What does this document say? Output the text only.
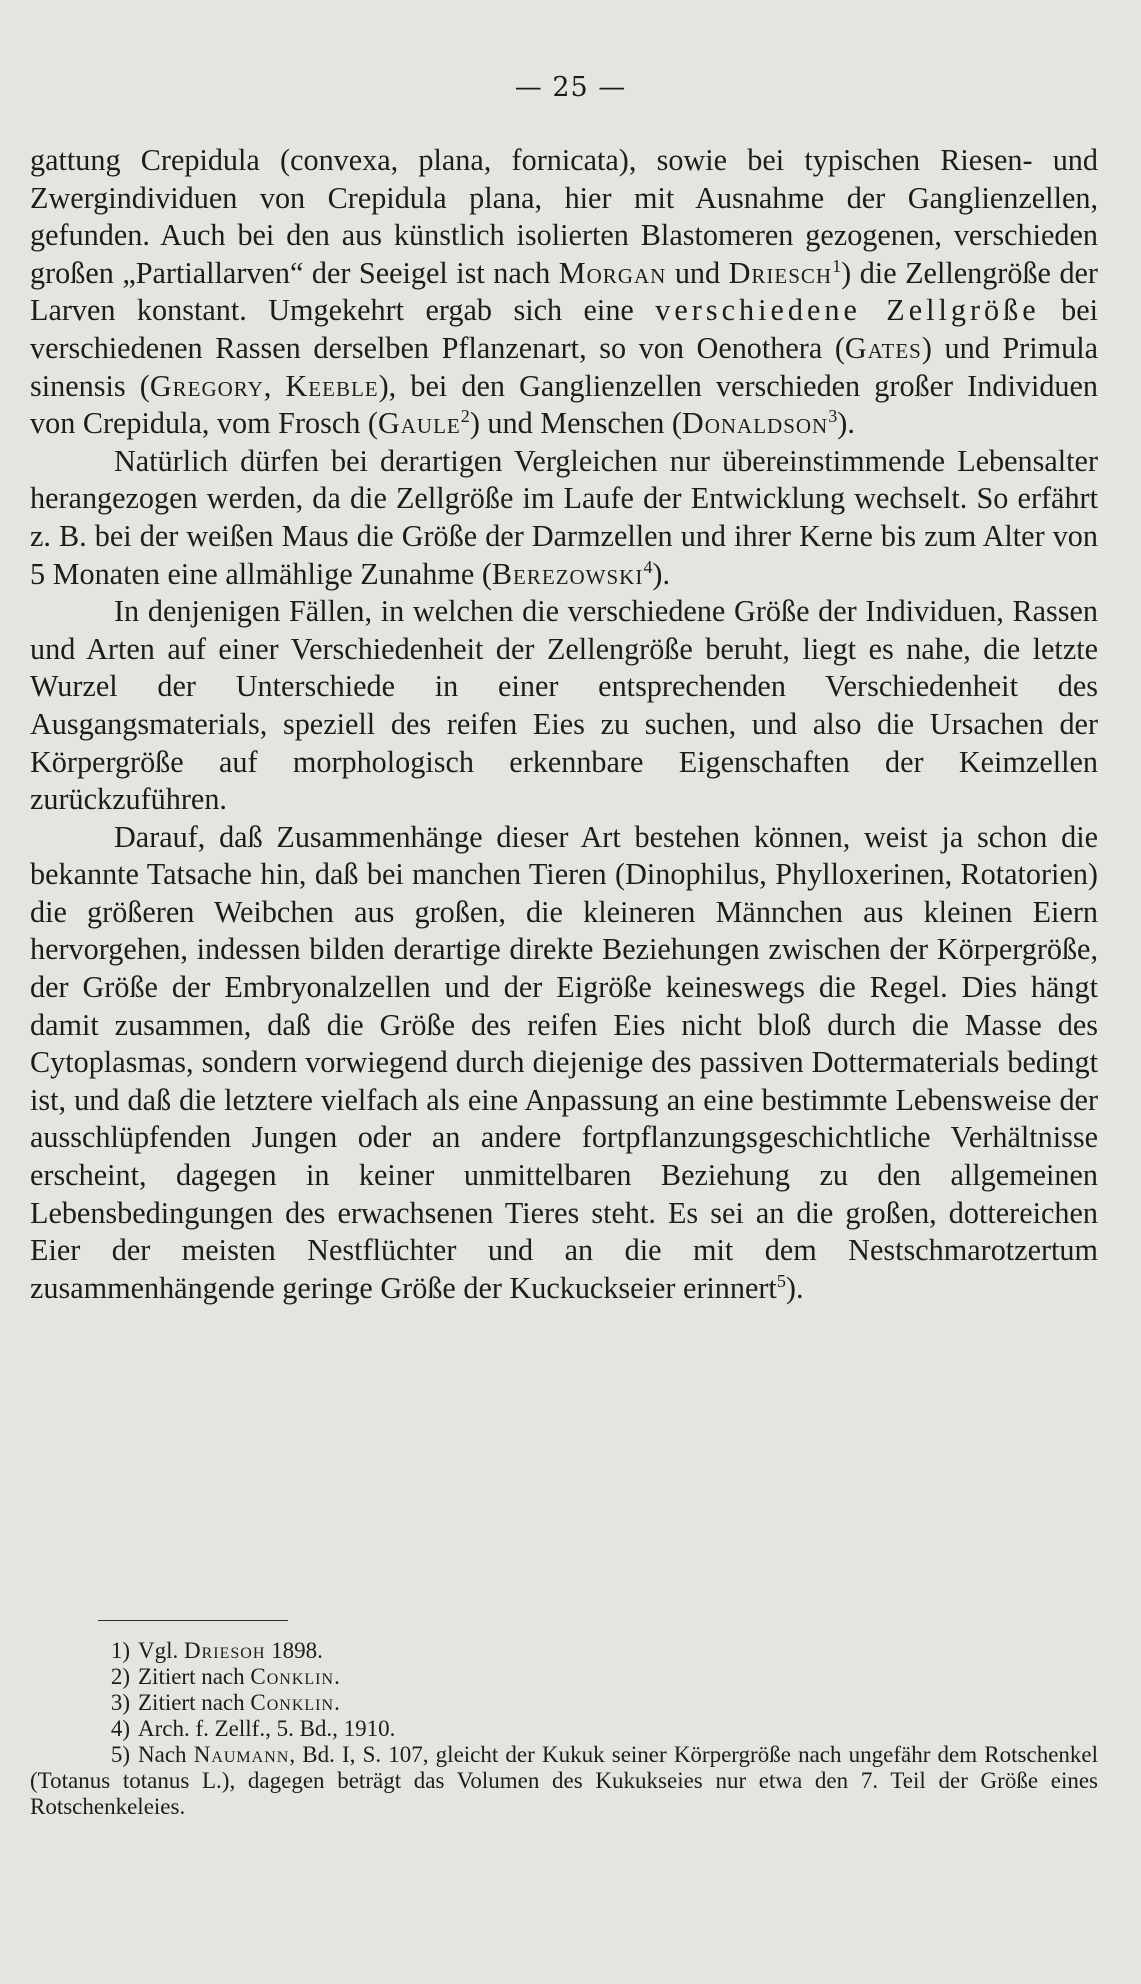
— 25 —

gattung Crepidula (convexa, plana, fornicata), sowie bei typischen Riesen- und Zwergindividuen von Crepidula plana, hier mit Ausnahme der Ganglienzellen, gefunden. Auch bei den aus künstlich isolierten Blastomeren gezogenen, verschieden großen „Partiallarven“ der Seeigel ist nach Morgan und Driesch$^1$) die Zellengröße der Larven konstant. Umgekehrt ergab sich eine verschiedene Zellgröße bei verschiedenen Rassen derselben Pflanzenart, so von Oenothera (Gates) und Primula sinensis (Gregory, Keeble), bei den Ganglienzellen verschieden großer Individuen von Crepidula, vom Frosch (Gaule$^2$) und Menschen (Donaldson$^3$).

Natürlich dürfen bei derartigen Vergleichen nur übereinstimmende Lebensalter herangezogen werden, da die Zellgröße im Laufe der Entwicklung wechselt. So erfährt z. B. bei der weißen Maus die Größe der Darmzellen und ihrer Kerne bis zum Alter von 5 Monaten eine allmählige Zunahme (Berezowski$^4$).

In denjenigen Fällen, in welchen die verschiedene Größe der Individuen, Rassen und Arten auf einer Verschiedenheit der Zellengröße beruht, liegt es nahe, die letzte Wurzel der Unterschiede in einer entsprechenden Verschiedenheit des Ausgangsmaterials, speziell des reifen Eies zu suchen, und also die Ursachen der Körpergröße auf morphologisch erkennbare Eigenschaften der Keimzellen zurückzuführen.

Darauf, daß Zusammenhänge dieser Art bestehen können, weist ja schon die bekannte Tatsache hin, daß bei manchen Tieren (Dinophilus, Phylloxerinen, Rotatorien) die größeren Weibchen aus großen, die kleineren Männchen aus kleinen Eiern hervorgehen, indessen bilden derartige direkte Beziehungen zwischen der Körpergröße, der Größe der Embryonalzellen und der Eigröße keineswegs die Regel. Dies hängt damit zusammen, daß die Größe des reifen Eies nicht bloß durch die Masse des Cytoplasmas, sondern vorwiegend durch diejenige des passiven Dottermaterials bedingt ist, und daß die letztere vielfach als eine Anpassung an eine bestimmte Lebensweise der ausschlüpfenden Jungen oder an andere fortpflanzungsgeschichtliche Verhältnisse erscheint, dagegen in keiner unmittelbaren Beziehung zu den allgemeinen Lebensbedingungen des erwachsenen Tieres steht. Es sei an die großen, dottereichen Eier der meisten Nestflüchter und an die mit dem Nestschmarotzertum zusammenhängende geringe Größe der Kuckuckseier erinnert$^5$).

1) Vgl. Driesoh 1898.

2) Zitiert nach Conklin.

3) Zitiert nach Conklin.

4) Arch. f. Zellf., 5. Bd., 1910.

5) Nach Naumann, Bd. I, S. 107, gleicht der Kukuk seiner Körpergröße nach ungefähr dem Rotschenkel (Totanus totanus L.), dagegen beträgt das Volumen des Kukukseies nur etwa den 7. Teil der Größe eines Rotschenkeleies.
